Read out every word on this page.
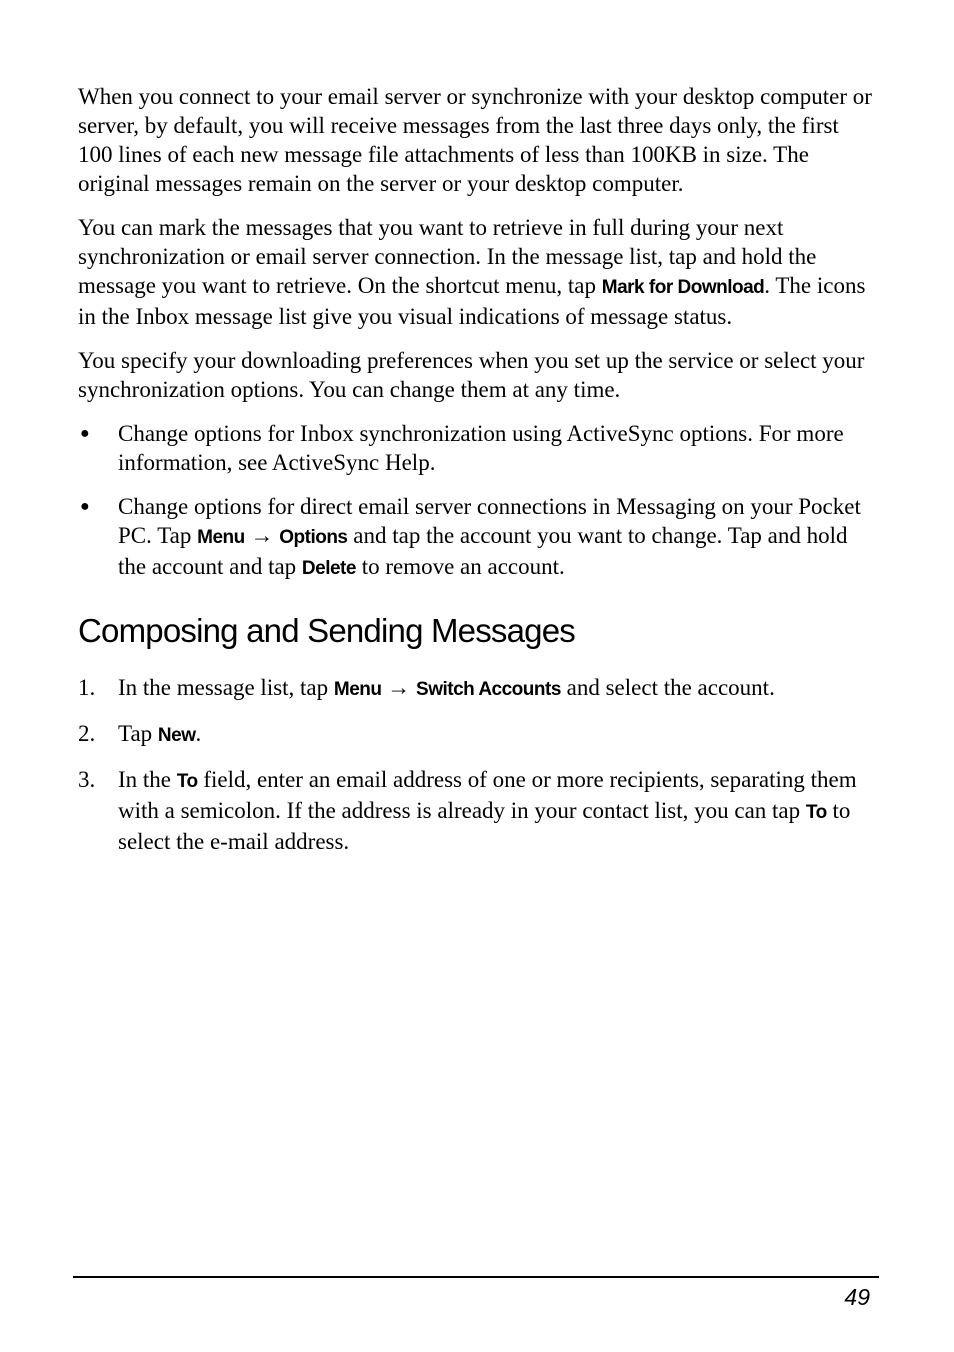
When you connect to your email server or synchronize with your desktop computer or server, by default, you will receive messages from the last three days only, the first 100 lines of each new message file attachments of less than 100KB in size. The original messages remain on the server or your desktop computer.

You can mark the messages that you want to retrieve in full during your next synchronization or email server connection. In the message list, tap and hold the message you want to retrieve. On the shortcut menu, tap Mark for Download. The icons in the Inbox message list give you visual indications of message status.

You specify your downloading preferences when you set up the service or select your synchronization options. You can change them at any time.

● Change options for Inbox synchronization using ActiveSync options. For more information, see ActiveSync Help.
● Change options for direct email server connections in Messaging on your Pocket PC. Tap Menu → Options and tap the account you want to change. Tap and hold the account and tap Delete to remove an account.
Composing and Sending Messages
1. In the message list, tap Menu → Switch Accounts and select the account.
2. Tap New.
3. In the To field, enter an email address of one or more recipients, separating them with a semicolon. If the address is already in your contact list, you can tap To to select the e-mail address.
49
